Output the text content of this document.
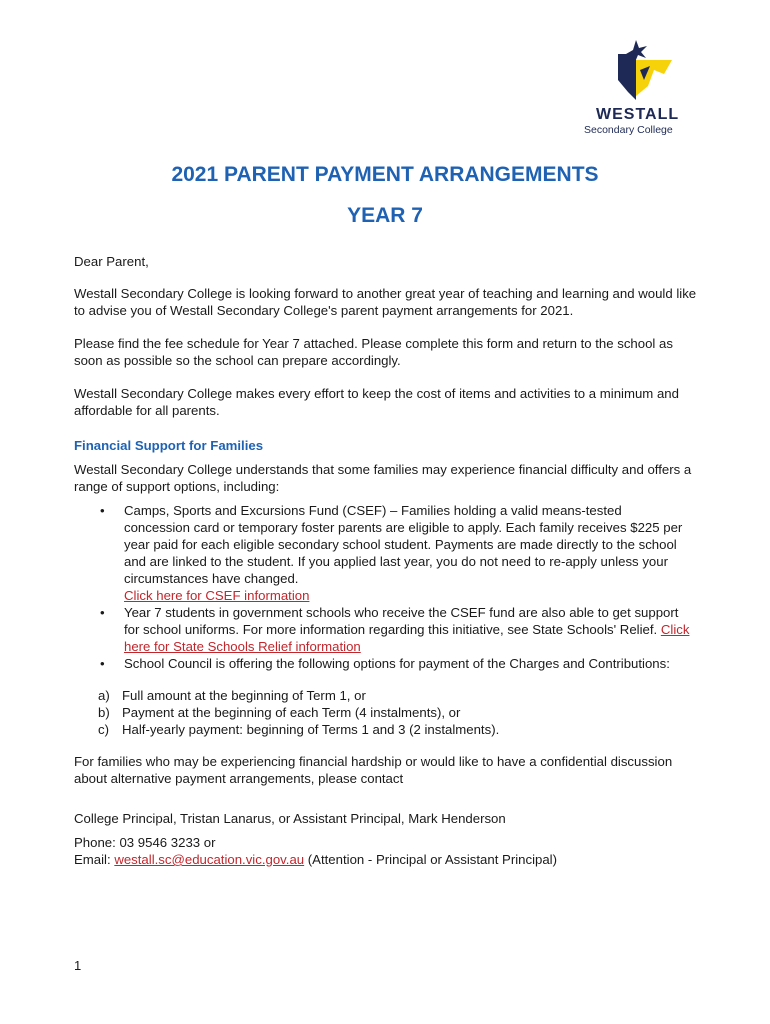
WESTALL
Secondary College
2021 PARENT PAYMENT ARRANGEMENTS
YEAR 7

Dear Parent,

Westall Secondary College is looking forward to another great year of teaching and learning and would like to advise you of Westall Secondary College's parent payment arrangements for 2021.

Please find the fee schedule for Year 7 attached. Please complete this form and return to the school as soon as possible so the school can prepare accordingly.

Westall Secondary College makes every effort to keep the cost of items and activities to a minimum and affordable for all parents.

Financial Support for Families

Westall Secondary College understands that some families may experience financial difficulty and offers a range of support options, including:

• Camps, Sports and Excursions Fund (CSEF) – Families holding a valid means-tested concession card or temporary foster parents are eligible to apply. Each family receives $225 per year paid for each eligible secondary school student. Payments are made directly to the school and are linked to the student. If you applied last year, you do not need to re-apply unless your circumstances have changed.
Click here for CSEF information
• Year 7 students in government schools who receive the CSEF fund are also able to get support for school uniforms. For more information regarding this initiative, see State Schools' Relief. Click here for State Schools Relief information
• School Council is offering the following options for payment of the Charges and Contributions:
a) Full amount at the beginning of Term 1, or
b) Payment at the beginning of each Term (4 instalments), or
c) Half-yearly payment: beginning of Terms 1 and 3 (2 instalments).

For families who may be experiencing financial hardship or would like to have a confidential discussion about alternative payment arrangements, please contact

College Principal, Tristan Lanarus, or Assistant Principal, Mark Henderson

Phone: 03 9546 3233 or

Email: westall.sc@education.vic.gov.au (Attention - Principal or Assistant Principal)

1
